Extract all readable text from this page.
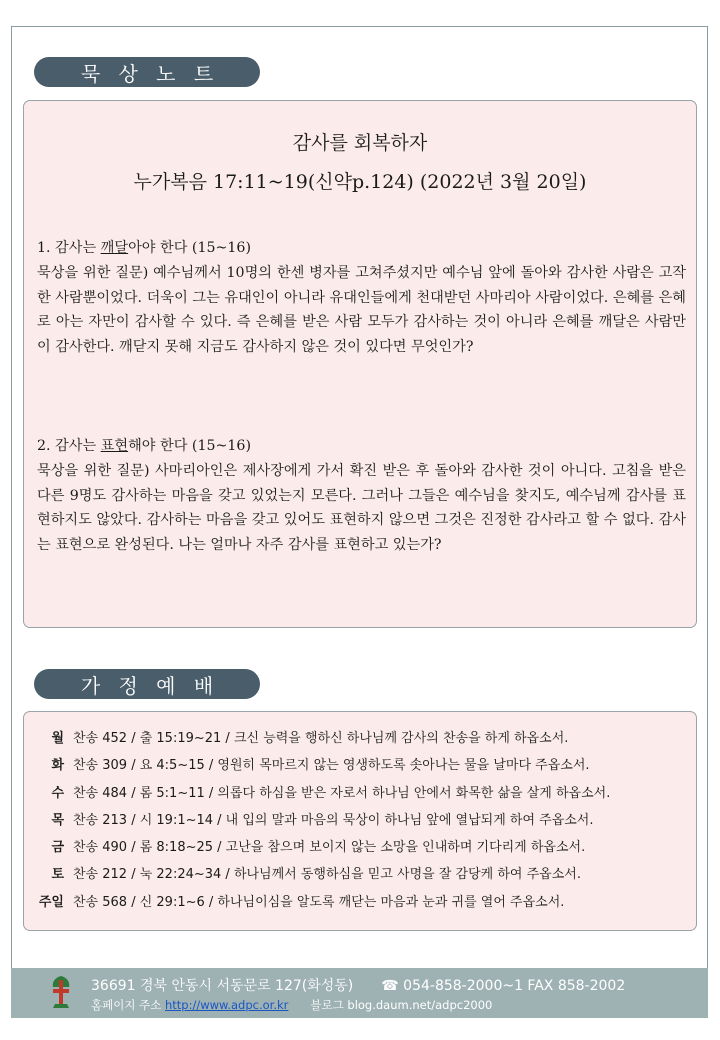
묵 상 노 트
감사를 회복하자
누가복음 17:11~19(신약p.124) (2022년 3월 20일)
1. 감사는 깨달아야 한다 (15~16)
묵상을 위한 질문) 예수님께서 10명의 한센 병자를 고쳐주셨지만 예수님 앞에 돌아와 감사한 사람은 고작 한 사람뿐이었다. 더욱이 그는 유대인이 아니라 유대인들에게 천대받던 사마리아 사람이었다. 은혜를 은혜로 아는 자만이 감사할 수 있다. 즉 은혜를 받은 사람 모두가 감사하는 것이 아니라 은혜를 깨달은 사람만이 감사한다. 깨닫지 못해 지금도 감사하지 않은 것이 있다면 무엇인가?
2. 감사는 표현해야 한다 (15~16)
묵상을 위한 질문) 사마리아인은 제사장에게 가서 확진 받은 후 돌아와 감사한 것이 아니다. 고침을 받은 다른 9명도 감사하는 마음을 갖고 있었는지 모른다. 그러나 그들은 예수님을 찾지도, 예수님께 감사를 표현하지도 않았다. 감사하는 마음을 갖고 있어도 표현하지 않으면 그것은 진정한 감사라고 할 수 없다. 감사는 표현으로 완성된다. 나는 얼마나 자주 감사를 표현하고 있는가?
가 정 예 배
월 찬송 452 / 출 15:19~21 / 크신 능력을 행하신 하나님께 감사의 찬송을 하게 하옵소서.
화 찬송 309 / 요 4:5~15 / 영원히 목마르지 않는 영생하도록 솟아나는 물을 날마다 주옵소서.
수 찬송 484 / 롬 5:1~11 / 의롭다 하심을 받은 자로서 하나님 안에서 화목한 삶을 살게 하옵소서.
목 찬송 213 / 시 19:1~14 / 내 입의 말과 마음의 묵상이 하나님 앞에 열납되게 하여 주옵소서.
금 찬송 490 / 롬 8:18~25 / 고난을 참으며 보이지 않는 소망을 인내하며 기다리게 하옵소서.
토 찬송 212 / 눅 22:24~34 / 하나님께서 동행하심을 믿고 사명을 잘 감당케 하여 주옵소서.
주일 찬송 568 / 신 29:1~6 / 하나님이심을 알도록 깨닫는 마음과 눈과 귀를 열어 주옵소서.
36691 경북 안동시 서동문로 127(화성동) ☎ 054-858-2000~1 FAX 858-2002
홈페이지 주소 http://www.adpc.or.kr 블로그 blog.daum.net/adpc2000
